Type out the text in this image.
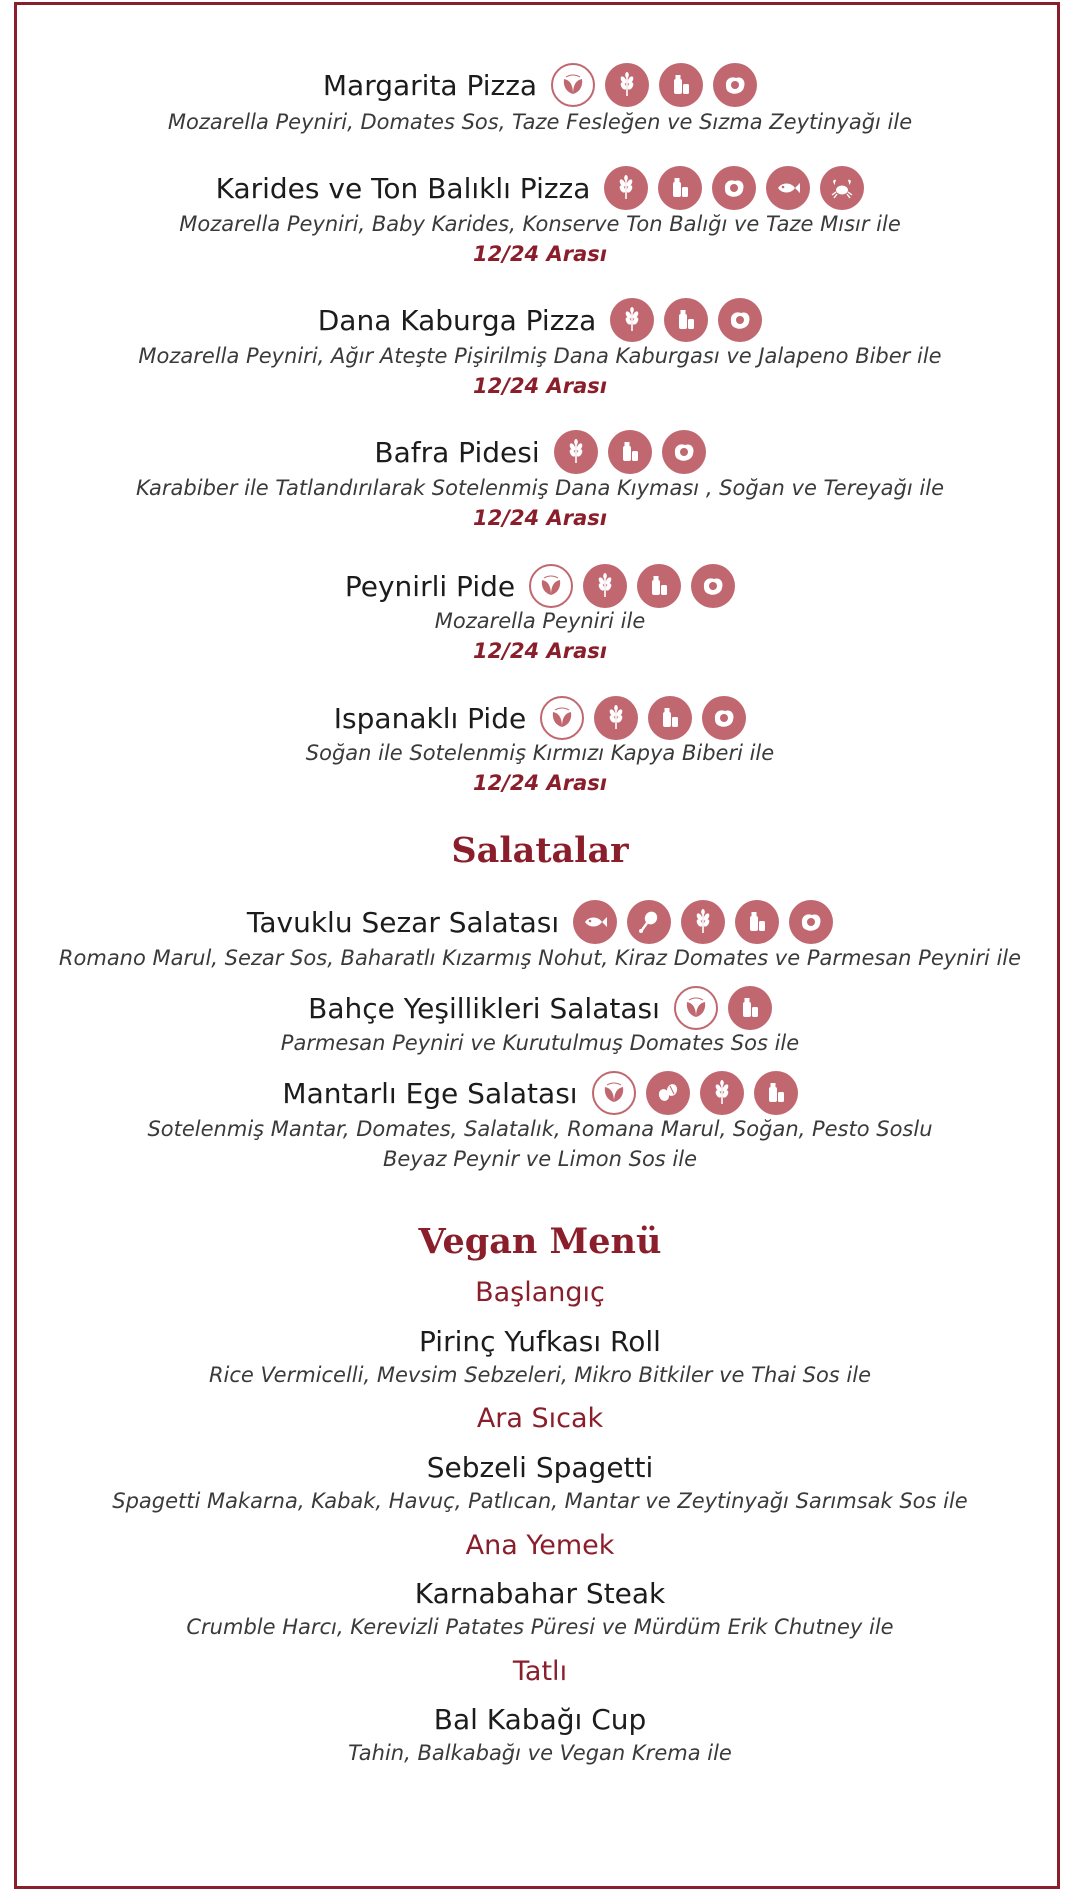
Margarita Pizza
Mozarella Peyniri, Domates Sos, Taze Fesleğen ve Sızma Zeytinyağı ile
Karides ve Ton Balıklı Pizza
Mozarella Peyniri, Baby Karides, Konserve Ton Balığı ve Taze Mısır ile
12/24 Arası
Dana Kaburga Pizza
Mozarella Peyniri, Ağır Ateşte Pişirilmiş Dana Kaburgası ve Jalapeno Biber ile
12/24 Arası
Bafra Pidesi
Karabiber ile Tatlandırılarak Sotelenmiş Dana Kıyması , Soğan ve Tereyağı ile
12/24 Arası
Peynirli Pide
Mozarella Peyniri ile
12/24 Arası
Ispanaklı Pide
Soğan ile Sotelenmiş Kırmızı Kapya Biberi ile
12/24 Arası
Salatalar
Tavuklu Sezar Salatası
Romano Marul, Sezar Sos, Baharatlı Kızarmış Nohut, Kiraz Domates ve Parmesan Peyniri ile
Bahçe Yeşillikleri Salatası
Parmesan Peyniri ve Kurutulmuş Domates Sos ile
Mantarlı Ege Salatası
Sotelenmiş Mantar, Domates, Salatalık, Romana Marul, Soğan, Pesto Soslu
Beyaz Peynir ve Limon Sos ile
Vegan Menü
Başlangıç
Pirinç Yufkası Roll
Rice Vermicelli, Mevsim Sebzeleri, Mikro Bitkiler ve Thai Sos ile
Ara Sıcak
Sebzeli Spagetti
Spagetti Makarna, Kabak, Havuç, Patlıcan, Mantar ve Zeytinyağı Sarımsak Sos ile
Ana Yemek
Karnabahar Steak
Crumble Harcı, Kerevizli Patates Püresi ve Mürdüm Erik Chutney ile
Tatlı
Bal Kabağı Cup
Tahin, Balkabağı ve Vegan Krema ile
